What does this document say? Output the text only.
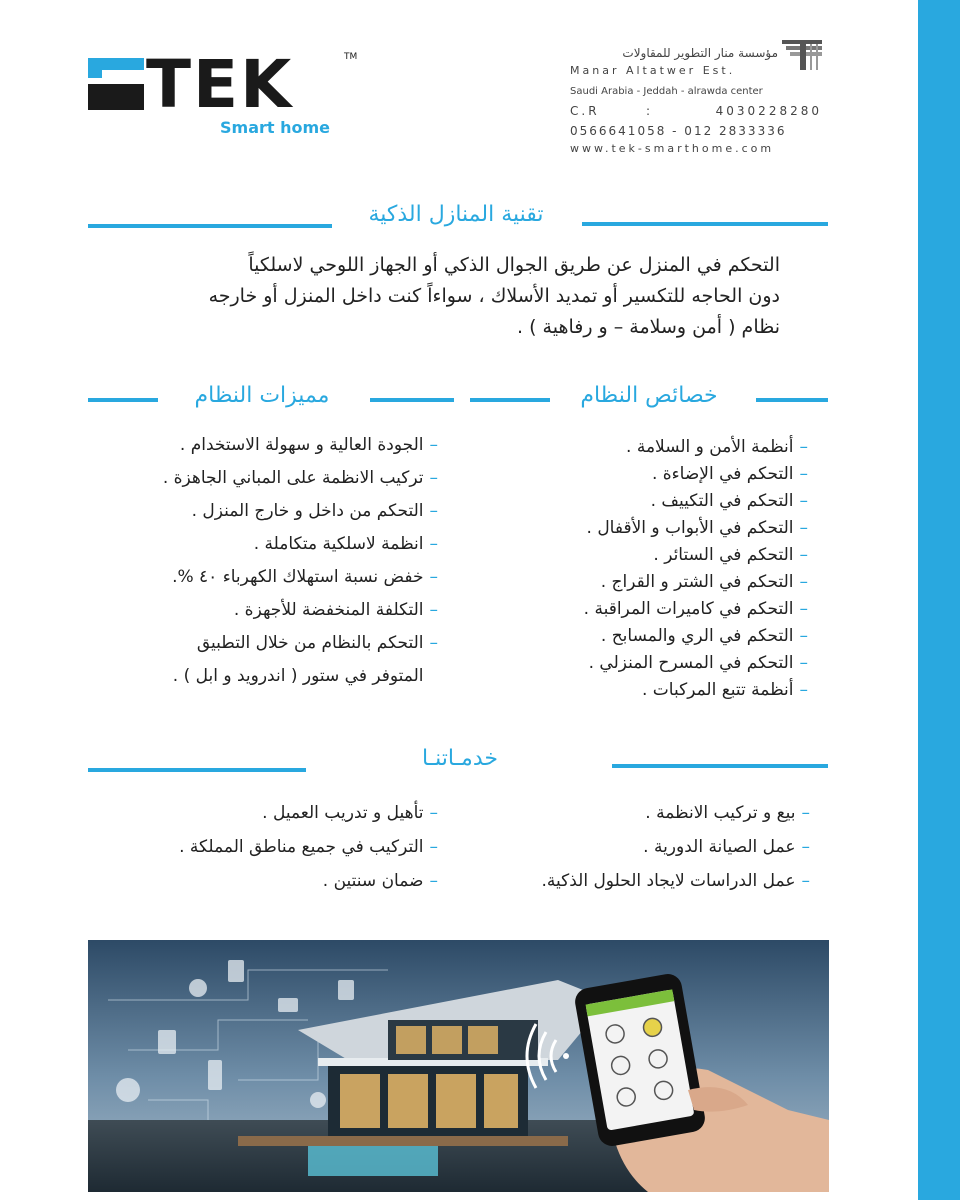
TEK	TM
Smart home
مؤسسة منار التطوير للمقاولات
Manar Altatwer Est.
Saudi Arabia - Jeddah - alrawda center
C.R	:	4030228280
0566641058 - 012 2833336
www.tek-smarthome.com
تقنية المنازل الذكية
التحكم في المنزل عن طريق الجوال الذكي أو الجهاز اللوحي لاسلكياً
دون الحاجه للتكسير أو تمديد الأسلاك ، سواءاً كنت داخل المنزل أو خارجه
نظام ( أمن وسلامة – و رفاهية ) .
مميزات النظام	خصائص النظام
–أنظمة الأمن و السلامة .
–التحكم في الإضاءة .
–التحكم في التكييف .
–التحكم في الأبواب و الأقفال .
–التحكم في الستائر .
–التحكم في الشتر و القراج .
–التحكم في كاميرات المراقبة .
–التحكم في الري والمسابح .
–التحكم في المسرح المنزلي .
–أنظمة تتبع المركبات .
–الجودة العالية و سهولة الاستخدام .
–تركيب الانظمة على المباني الجاهزة .
–التحكم من داخل و خارج المنزل .
–انظمة لاسلكية متكاملة .
–خفض نسبة استهلاك الكهرباء ٤٠ %.
–التكلفة المنخفضة للأجهزة .
–التحكم بالنظام من خلال التطبيق
المتوفر في ستور ( اندرويد و ابل ) .
خدمـاتنـا
–بيع و تركيب الانظمة .
–عمل الصيانة الدورية .
–عمل الدراسات لايجاد الحلول الذكية.
–تأهيل و تدريب العميل .
–التركيب في جميع مناطق المملكة .
–ضمان سنتين .
